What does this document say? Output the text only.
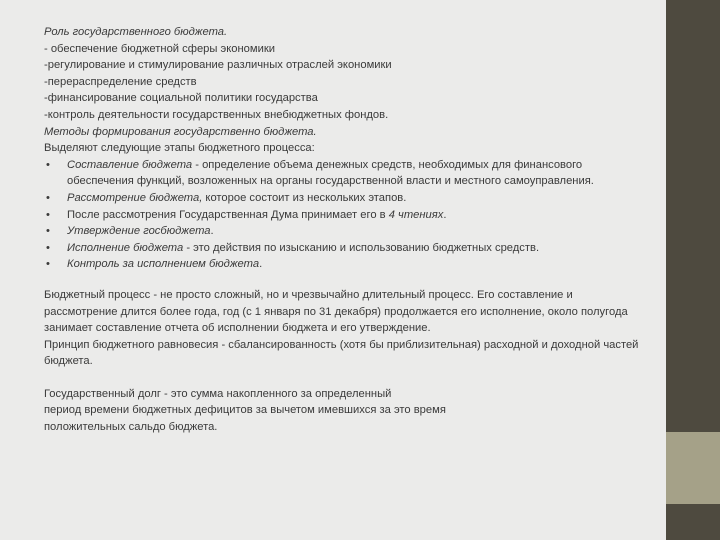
Роль государственного бюджета.

- обеспечение бюджетной сферы экономики

-регулирование и стимулирование различных отраслей экономики

-перераспределение средств

-финансирование социальной политики государства

-контроль деятельности государственных внебюджетных фондов.

Методы формирования государственно бюджета.

Выделяют следующие этапы бюджетного процесса:

• Составление бюджета - определение объема денежных средств, необходимых для финансового обеспечения функций, возложенных на органы государственной власти и местного самоуправления.
• Рассмотрение бюджета, которое состоит из нескольких этапов.
• После рассмотрения Государственная Дума принимает его в 4 чтениях.
• Утверждение госбюджета.
• Исполнение бюджета - это действия по изысканию и использованию бюджетных средств.
• Контроль за исполнением бюджета.

Бюджетный процесс - не просто сложный, но и чрезвычайно длительный процесс. Его составление и рассмотрение длится более года, год (с 1 января по 31 декабря) продолжается его исполнение, около полугода занимает составление отчета об исполнении бюджета и его утверждение.

Принцип бюджетного равновесия - сбалансированность (хотя бы приблизительная) расходной и доходной частей бюджета.

Государственный долг - это сумма накопленного за определенный

период времени бюджетных дефицитов за вычетом имевшихся за это время

положительных сальдо бюджета.
